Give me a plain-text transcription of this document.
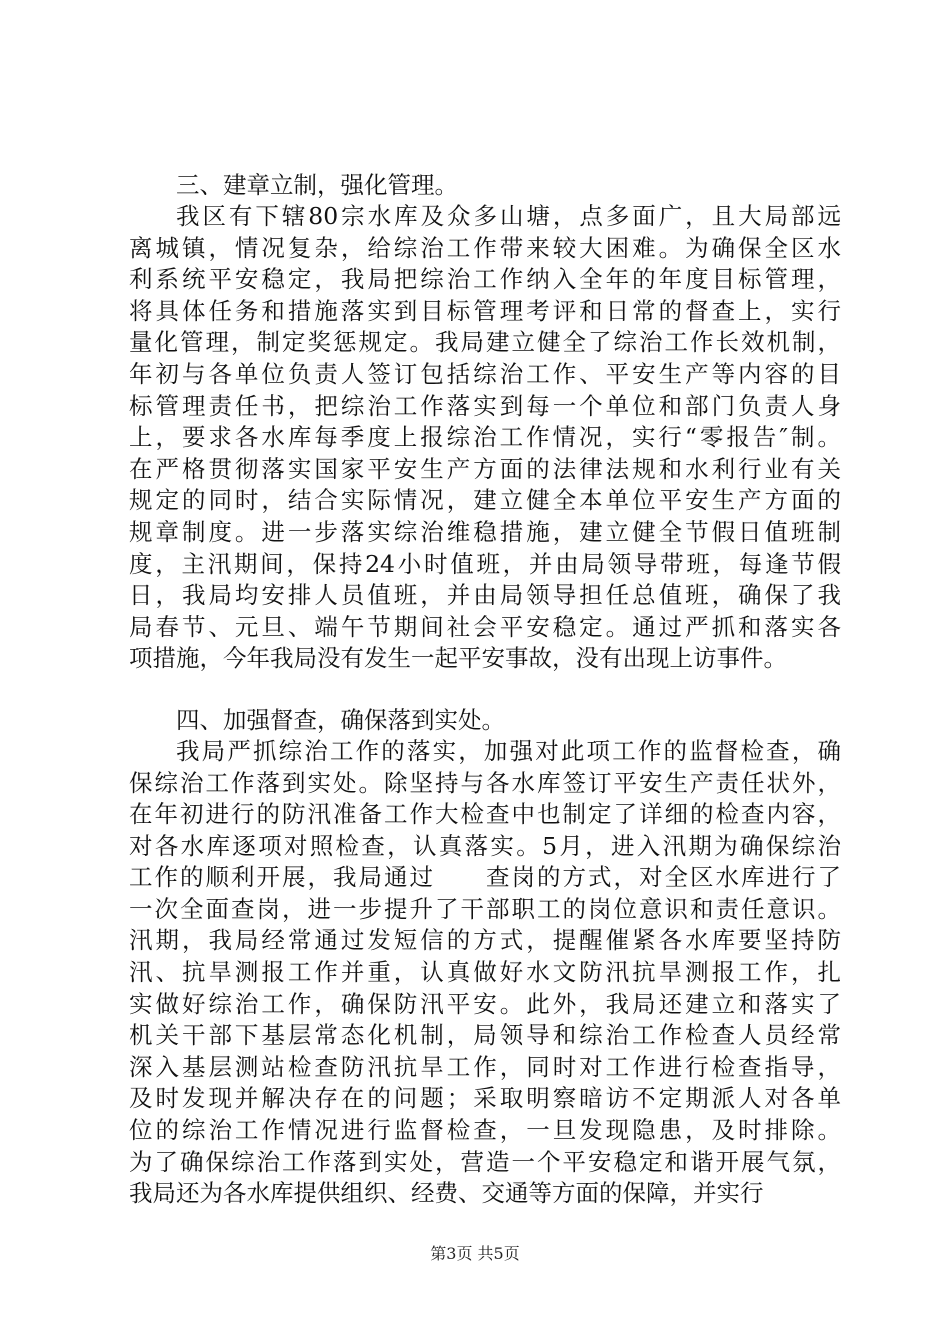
三、建章立制，强化管理。
我区有下辖80宗水库及众多山塘，点多面广，且大局部远
离城镇，情况复杂，给综治工作带来较大困难。为确保全区水
利系统平安稳定，我局把综治工作纳入全年的年度目标管理，
将具体任务和措施落实到目标管理考评和日常的督查上，实行
量化管理，制定奖惩规定。我局建立健全了综治工作长效机制，
年初与各单位负责人签订包括综治工作、平安生产等内容的目
标管理责任书，把综治工作落实到每一个单位和部门负责人身
上，要求各水库每季度上报综治工作情况，实行“零报告″制。
在严格贯彻落实国家平安生产方面的法律法规和水利行业有关
规定的同时，结合实际情况，建立健全本单位平安生产方面的
规章制度。进一步落实综治维稳措施，建立健全节假日值班制
度，主汛期间，保持24小时值班，并由局领导带班，每逢节假
日，我局均安排人员值班，并由局领导担任总值班，确保了我
局春节、元旦、端午节期间社会平安稳定。通过严抓和落实各
项措施，今年我局没有发生一起平安事故，没有出现上访事件。
四、加强督查，确保落到实处。
我局严抓综治工作的落实，加强对此项工作的监督检查，确
保综治工作落到实处。除坚持与各水库签订平安生产责任状外，
在年初进行的防汛准备工作大检查中也制定了详细的检查内容，
对各水库逐项对照检查，认真落实。5月，进入汛期为确保综治
工作的顺利开展，我局通过　　查岗的方式，对全区水库进行了
一次全面查岗，进一步提升了干部职工的岗位意识和责任意识。
汛期，我局经常通过发短信的方式，提醒催紧各水库要坚持防
汛、抗旱测报工作并重，认真做好水文防汛抗旱测报工作，扎
实做好综治工作，确保防汛平安。此外，我局还建立和落实了
机关干部下基层常态化机制，局领导和综治工作检查人员经常
深入基层测站检查防汛抗旱工作，同时对工作进行检查指导，
及时发现并解决存在的问题；采取明察暗访不定期派人对各单
位的综治工作情况进行监督检查，一旦发现隐患，及时排除。
为了确保综治工作落到实处，营造一个平安稳定和谐开展气氛，
我局还为各水库提供组织、经费、交通等方面的保障，并实行
第3页 共5页
